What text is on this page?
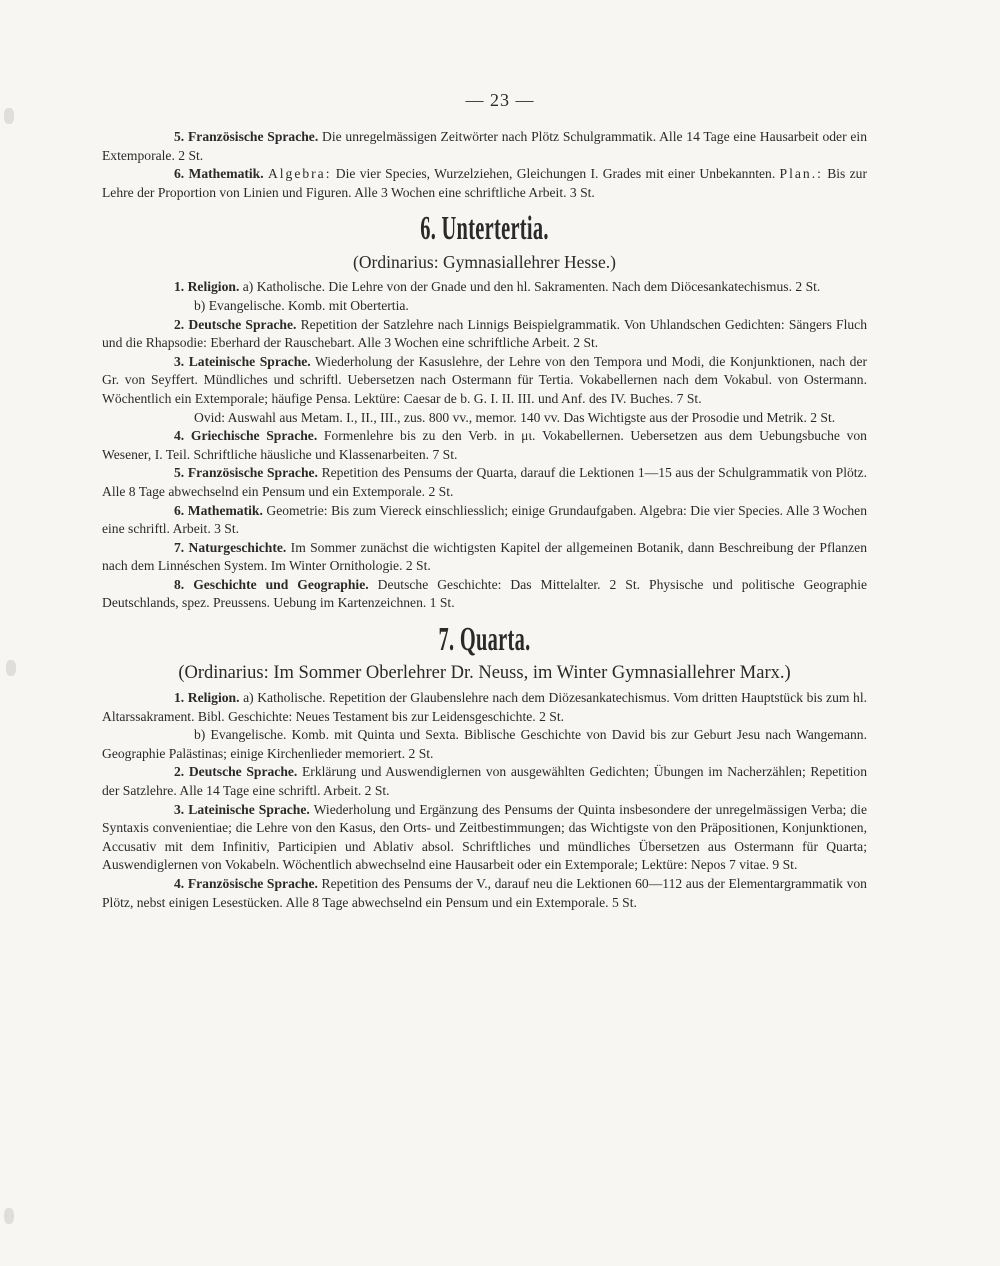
— 23 —

5. Französische Sprache. Die unregelmässigen Zeitwörter nach Plötz Schulgrammatik. Alle 14 Tage eine Hausarbeit oder ein Extemporale. 2 St.

6. Mathematik. Algebra: Die vier Species, Wurzelziehen, Gleichungen I. Grades mit einer Unbekannten. Plan.: Bis zur Lehre der Proportion von Linien und Figuren. Alle 3 Wochen eine schriftliche Arbeit. 3 St.

6. Untertertia.
(Ordinarius: Gymnasiallehrer Hesse.)

1. Religion. a) Katholische. Die Lehre von der Gnade und den hl. Sakramenten. Nach dem Diöcesankatechismus. 2 St.

b) Evangelische. Komb. mit Obertertia.

2. Deutsche Sprache. Repetition der Satzlehre nach Linnigs Beispielgrammatik. Von Uhlandschen Gedichten: Sängers Fluch und die Rhapsodie: Eberhard der Rauschebart. Alle 3 Wochen eine schriftliche Arbeit. 2 St.

3. Lateinische Sprache. Wiederholung der Kasuslehre, der Lehre von den Tempora und Modi, die Konjunktionen, nach der Gr. von Seyffert. Mündliches und schriftl. Uebersetzen nach Ostermann für Tertia. Vokabellernen nach dem Vokabul. von Ostermann. Wöchentlich ein Extemporale; häufige Pensa. Lektüre: Caesar de b. G. I. II. III. und Anf. des IV. Buches. 7 St.

Ovid: Auswahl aus Metam. I., II., III., zus. 800 vv., memor. 140 vv. Das Wichtigste aus der Prosodie und Metrik. 2 St.

4. Griechische Sprache. Formenlehre bis zu den Verb. in μι. Vokabellernen. Uebersetzen aus dem Uebungsbuche von Wesener, I. Teil. Schriftliche häusliche und Klassenarbeiten. 7 St.

5. Französische Sprache. Repetition des Pensums der Quarta, darauf die Lektionen 1—15 aus der Schulgrammatik von Plötz. Alle 8 Tage abwechselnd ein Pensum und ein Extemporale. 2 St.

6. Mathematik. Geometrie: Bis zum Viereck einschliesslich; einige Grundaufgaben. Algebra: Die vier Species. Alle 3 Wochen eine schriftl. Arbeit. 3 St.

7. Naturgeschichte. Im Sommer zunächst die wichtigsten Kapitel der allgemeinen Botanik, dann Beschreibung der Pflanzen nach dem Linnéschen System. Im Winter Ornithologie. 2 St.

8. Geschichte und Geographie. Deutsche Geschichte: Das Mittelalter. 2 St. Physische und politische Geographie Deutschlands, spez. Preussens. Uebung im Kartenzeichnen. 1 St.

7. Quarta.
(Ordinarius: Im Sommer Oberlehrer Dr. Neuss, im Winter Gymnasiallehrer Marx.)

1. Religion. a) Katholische. Repetition der Glaubenslehre nach dem Diözesankatechismus. Vom dritten Hauptstück bis zum hl. Altarssakrament. Bibl. Geschichte: Neues Testament bis zur Leidensgeschichte. 2 St.

b) Evangelische. Komb. mit Quinta und Sexta. Biblische Geschichte von David bis zur Geburt Jesu nach Wangemann. Geographie Palästinas; einige Kirchenlieder memoriert. 2 St.

2. Deutsche Sprache. Erklärung und Auswendiglernen von ausgewählten Gedichten; Übungen im Nacherzählen; Repetition der Satzlehre. Alle 14 Tage eine schriftl. Arbeit. 2 St.

3. Lateinische Sprache. Wiederholung und Ergänzung des Pensums der Quinta insbesondere der unregelmässigen Verba; die Syntaxis convenientiae; die Lehre von den Kasus, den Orts- und Zeitbestimmungen; das Wichtigste von den Präpositionen, Konjunktionen, Accusativ mit dem Infinitiv, Participien und Ablativ absol. Schriftliches und mündliches Übersetzen aus Ostermann für Quarta; Auswendiglernen von Vokabeln. Wöchentlich abwechselnd eine Hausarbeit oder ein Extemporale; Lektüre: Nepos 7 vitae. 9 St.

4. Französische Sprache. Repetition des Pensums der V., darauf neu die Lektionen 60—112 aus der Elementargrammatik von Plötz, nebst einigen Lesestücken. Alle 8 Tage abwechselnd ein Pensum und ein Extemporale. 5 St.
